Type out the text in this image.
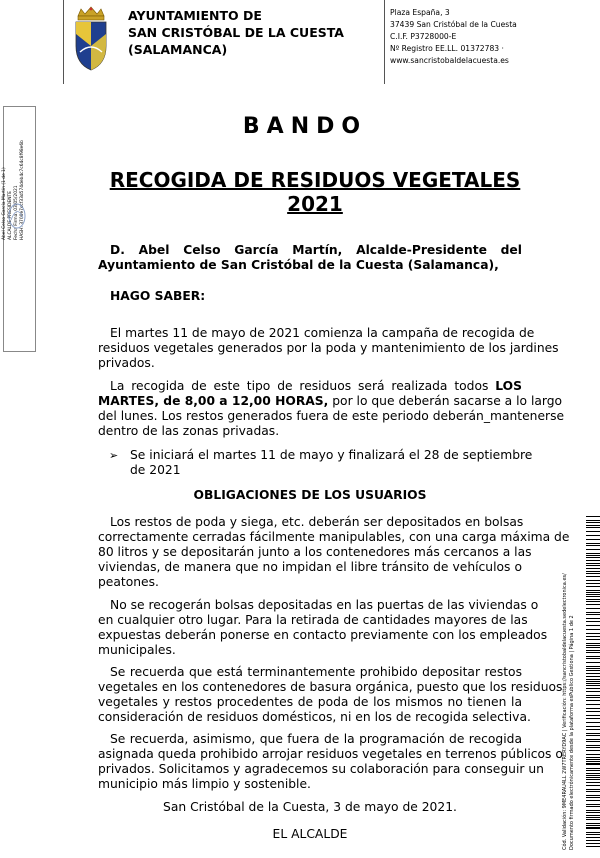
AYUNTAMIENTO DE
SAN CRISTÓBAL DE LA CUESTA
(SALAMANCA)
Plaza España, 3
37439 San Cristóbal de la Cuesta
C.I.F. P3728000-E
Nº Registro EE.LL. 01372783 ·
www.sancristobaldelacuesta.es
Abel Celso García Martín (1 de 1) ALCALDE PRESIDENTE Fecha Firma: 03/05/2021 HASH: 3700e7ccf33d574deb4c7c64c8f98e6b
Cód. Validación: 9ME4RAU4LL 2W7TRERYD9AC | Verificación: https://sancristobaldelacuesta.sedelectronica.es/ Documento firmado electrónicamente desde la plataforma esPublico Gestiona | Página 1 de 2
BANDO
RECOGIDA DE RESIDUOS VEGETALES
2021
D. Abel Celso García Martín, Alcalde-Presidente del
Ayuntamiento de San Cristóbal de la Cuesta (Salamanca),
HAGO SABER:
El martes 11 de mayo de 2021 comienza la campaña de recogida de
residuos vegetales generados por la poda y mantenimiento de los jardines
privados.
La recogida de este tipo de residuos será realizada todos LOS
MARTES, de 8,00 a 12,00 HORAS, por lo que deberán sacarse a lo largo
del lunes. Los restos generados fuera de este periodo deberán_mantenerse
dentro de las zonas privadas.
➢ Se iniciará el martes 11 de mayo y finalizará el 28 de septiembre
de 2021
OBLIGACIONES DE LOS USUARIOS
Los restos de poda y siega, etc. deberán ser depositados en bolsas
correctamente cerradas fácilmente manipulables, con una carga máxima de
80 litros y se depositarán junto a los contenedores más cercanos a las
viviendas, de manera que no impidan el libre tránsito de vehículos o
peatones.
No se recogerán bolsas depositadas en las puertas de las viviendas o
en cualquier otro lugar. Para la retirada de cantidades mayores de las
expuestas deberán ponerse en contacto previamente con los empleados
municipales.
Se recuerda que está terminantemente prohibido depositar restos
vegetales en los contenedores de basura orgánica, puesto que los residuos
vegetales y restos procedentes de poda de los mismos no tienen la
consideración de residuos domésticos, ni en los de recogida selectiva.
Se recuerda, asimismo, que fuera de la programación de recogida
asignada queda prohibido arrojar residuos vegetales en terrenos públicos o
privados. Solicitamos y agradecemos su colaboración para conseguir un
municipio más limpio y sostenible.
San Cristóbal de la Cuesta, 3 de mayo de 2021.
EL ALCALDE
